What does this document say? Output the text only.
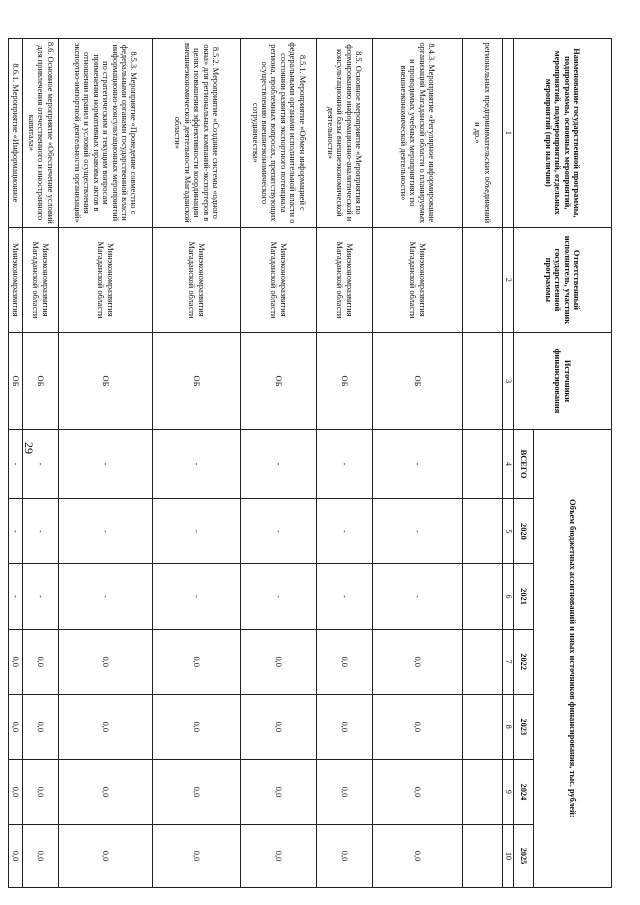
29
Наименование государственной программы, подпрограммы, основных мероприятий, мероприятий, подмероприятий, отдельных мероприятий (при наличии)	Ответственный исполнитель, участник государственной программы	Источники финансирования	Объем бюджетных ассигнований и иных источников финансирования, тыс. рублей:						
			ВСЕГО	2020	2021	2022	2023	2024	2025
1	2	3	4	5	6	7	8	9	10
региональных предпринимательских объединений и др.»									
8.4.3. Мероприятие «Регулярное информирование организаций Магаданской области о планируемых и проводимых учебных мероприятиях по внешнеэкономической деятельности»	Минэкономразвития Магаданской области	ОБ	-	-	-	0,0	0,0	0,0	0,0
8.5. Основное мероприятие «Мероприятия по формированию информационно-аналитической и консультационной базы внешнеэкономической деятельности»	Минэкономразвития Магаданской области	ОБ	-	-	-	0,0	0,0	0,0	0,0
8.5.1. Мероприятие «Обмен информацией с федеральными органами исполнительной власти о состоянии развития экспортного потенциала региона, проблемных вопросах, препятствующих осуществлению внешнеэкономического сотрудничества»	Минэкономразвития Магаданской области	ОБ	-	-	-	0,0	0,0	0,0	0,0
8.5.2. Мероприятие «Создание системы «одного окна» для региональных компаний-экспортеров в целях повышения эффективности координации внешнеэкономической деятельности Магаданской области»	Минэкономразвития Магаданской области	ОБ	-	-	-	0,0	0,0	0,0	0,0
8.5.3. Мероприятие «Проведение совместно с федеральными органами государственной власти информационно-консультационных мероприятий по стратегическим и текущим вопросам применения нормативных правовых актов в отношении правил и условий осуществления экспортно-импортной деятельности организаций»	Минэкономразвития Магаданской области	ОБ	-	-	-	0,0	0,0	0,0	0,0
8.6. Основное мероприятие «Обеспечение условий для привлечения отечественного и иностранного капитала»	Минэкономразвития Магаданской области	ОБ	-	-	-	0,0	0,0	0,0	0,0
8.6.1. Мероприятие «Информационное	Минэкономразвития	ОБ	-	-	-	0,0	0,0	0,0	0,0
